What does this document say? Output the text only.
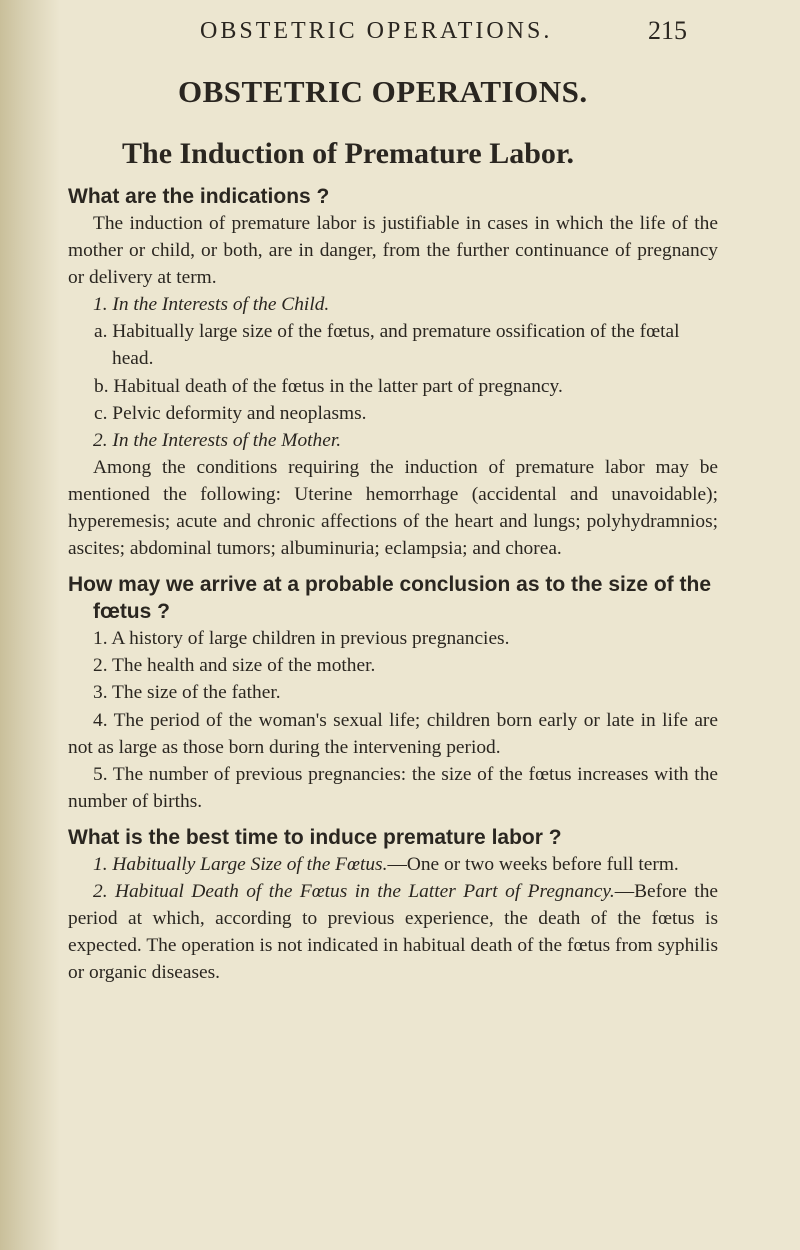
OBSTETRIC OPERATIONS.	215
OBSTETRIC OPERATIONS.
The Induction of Premature Labor.

What are the indications ?

The induction of premature labor is justifiable in cases in which the life of the mother or child, or both, are in danger, from the further continuance of pregnancy or delivery at term.

1. In the Interests of the Child.

a. Habitually large size of the fœtus, and premature ossification of the fœtal head.

b. Habitual death of the fœtus in the latter part of pregnancy.

c. Pelvic deformity and neoplasms.

2. In the Interests of the Mother.

Among the conditions requiring the induction of premature labor may be mentioned the following: Uterine hemorrhage (accidental and unavoidable); hyperemesis; acute and chronic affections of the heart and lungs; polyhydramnios; ascites; abdominal tumors; albuminuria; eclampsia; and chorea.

How may we arrive at a probable conclusion as to the size of the fœtus ?

1. A history of large children in previous pregnancies.

2. The health and size of the mother.

3. The size of the father.

4. The period of the woman's sexual life; children born early or late in life are not as large as those born during the intervening period.

5. The number of previous pregnancies: the size of the fœtus increases with the number of births.

What is the best time to induce premature labor ?

1. Habitually Large Size of the Fœtus.—One or two weeks before full term.

2. Habitual Death of the Fœtus in the Latter Part of Pregnancy.—Before the period at which, according to previous experience, the death of the fœtus is expected. The operation is not indicated in habitual death of the fœtus from syphilis or organic diseases.
